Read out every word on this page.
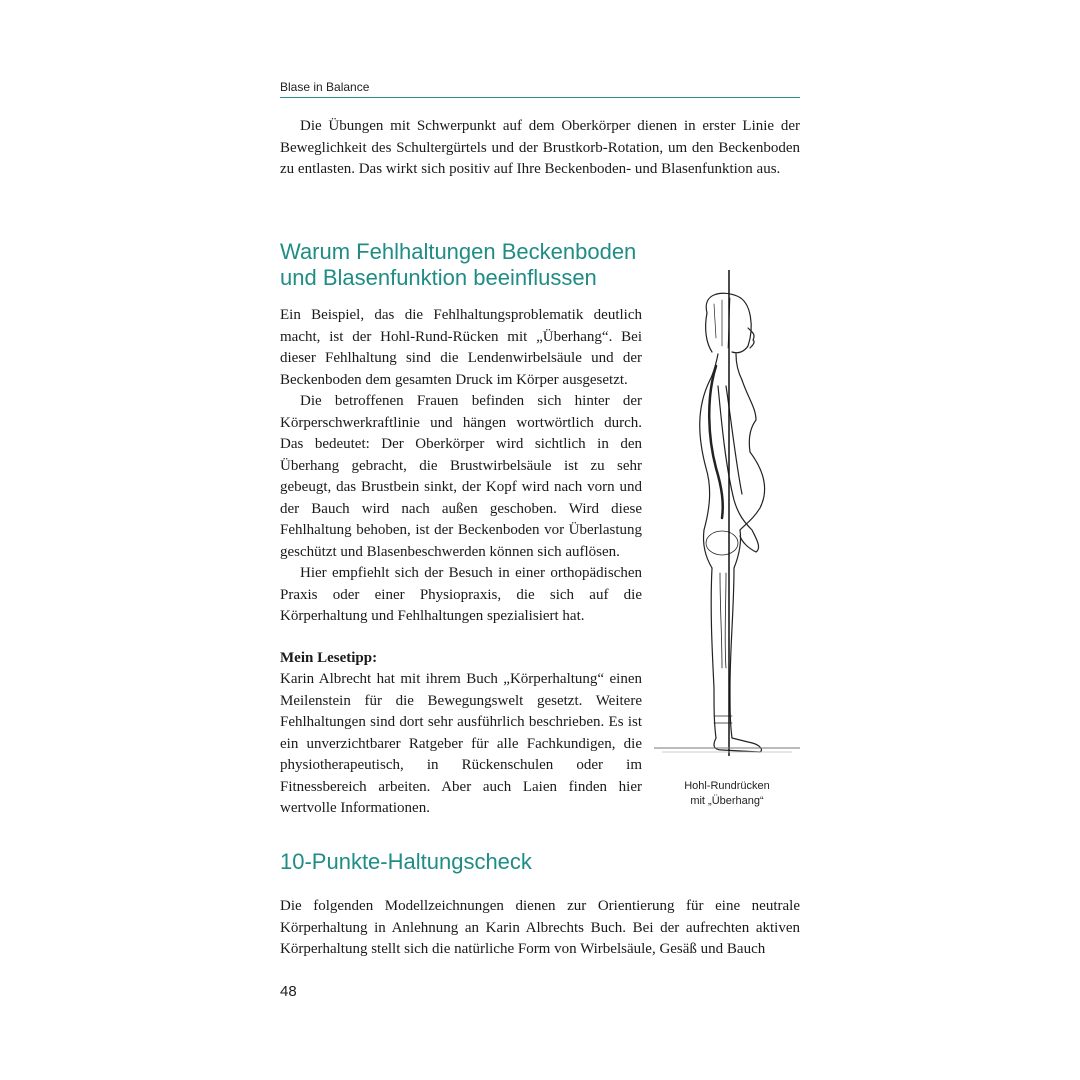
Blase in Balance

Die Übungen mit Schwerpunkt auf dem Oberkörper dienen in erster Linie der Beweglichkeit des Schultergürtels und der Brustkorb-Rotation, um den Beckenboden zu entlasten. Das wirkt sich positiv auf Ihre Beckenboden- und Blasenfunktion aus.

Warum Fehlhaltungen Beckenboden
und Blasenfunktion beeinflussen

Ein Beispiel, das die Fehlhaltungsproblematik deutlich macht, ist der Hohl-Rund-Rücken mit „Überhang“. Bei dieser Fehlhaltung sind die Lendenwirbelsäule und der Beckenboden dem gesamten Druck im Körper ausgesetzt.

Die betroffenen Frauen befinden sich hinter der Körperschwerkraftlinie und hängen wortwörtlich durch. Das bedeutet: Der Oberkörper wird sichtlich in den Überhang gebracht, die Brustwirbelsäule ist zu sehr gebeugt, das Brustbein sinkt, der Kopf wird nach vorn und der Bauch wird nach außen geschoben. Wird diese Fehlhaltung behoben, ist der Beckenboden vor Überlastung geschützt und Blasenbeschwerden können sich auflösen.

Hier empfiehlt sich der Besuch in einer orthopädischen Praxis oder einer Physiopraxis, die sich auf die Körperhaltung und Fehlhaltungen spezialisiert hat.

Mein Lesetipp:

Karin Albrecht hat mit ihrem Buch „Körperhaltung“ einen Meilenstein für die Bewegungswelt gesetzt. Weitere Fehlhaltungen sind dort sehr ausführlich beschrieben. Es ist ein unverzichtbarer Ratgeber für alle Fachkundigen, die physiotherapeutisch, in Rückenschulen oder im Fitnessbereich arbeiten. Aber auch Laien finden hier wertvolle Informationen.

Hohl-Rundrücken
mit „Überhang“
10-Punkte-Haltungscheck

Die folgenden Modellzeichnungen dienen zur Orientierung für eine neutrale Körperhaltung in Anlehnung an Karin Albrechts Buch. Bei der aufrechten aktiven Körperhaltung stellt sich die natürliche Form von Wirbelsäule, Gesäß und Bauch

48
